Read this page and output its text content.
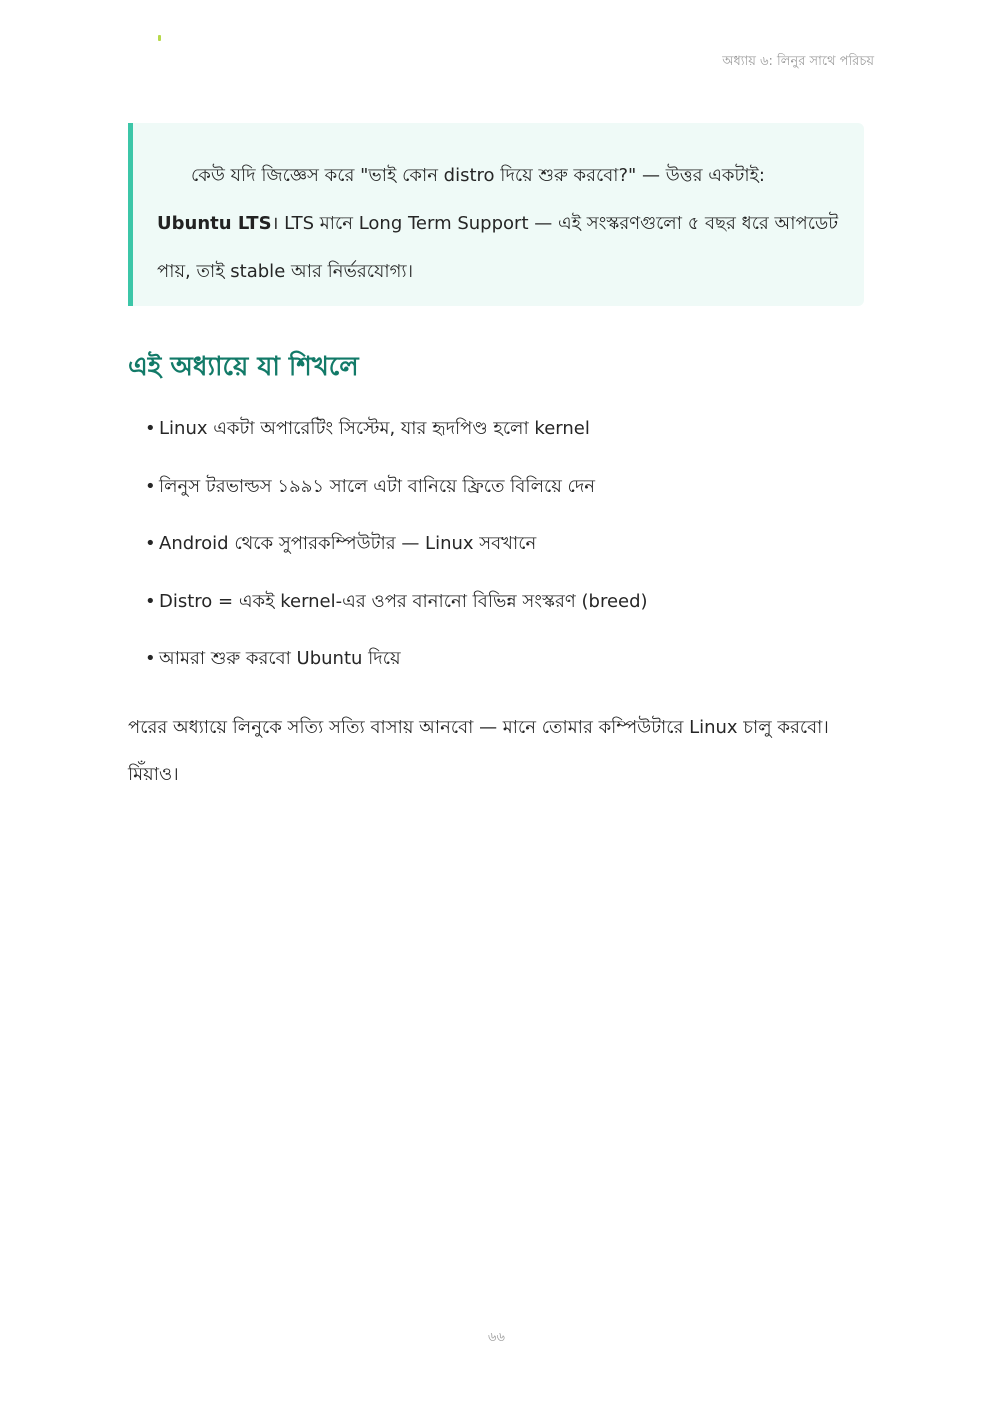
অধ্যায় ৬: লিনুর সাথে পরিচয়

কেউ যদি জিজ্ঞেস করে "ভাই কোন distro দিয়ে শুরু করবো?" — উত্তর একটাই: Ubuntu LTS। LTS মানে Long Term Support — এই সংস্করণগুলো ৫ বছর ধরে আপডেট পায়, তাই stable আর নির্ভরযোগ্য।

এই অধ্যায়ে যা শিখলে
• Linux একটা অপারেটিং সিস্টেম, যার হৃদপিণ্ড হলো kernel
• লিনুস টরভাল্ডস ১৯৯১ সালে এটা বানিয়ে ফ্রিতে বিলিয়ে দেন
• Android থেকে সুপারকম্পিউটার — Linux সবখানে
• Distro = একই kernel-এর ওপর বানানো বিভিন্ন সংস্করণ (breed)
• আমরা শুরু করবো Ubuntu দিয়ে

পরের অধ্যায়ে লিনুকে সত্যি সত্যি বাসায় আনবো — মানে তোমার কম্পিউটারে Linux চালু করবো। মিঁয়াও।

৬৬
